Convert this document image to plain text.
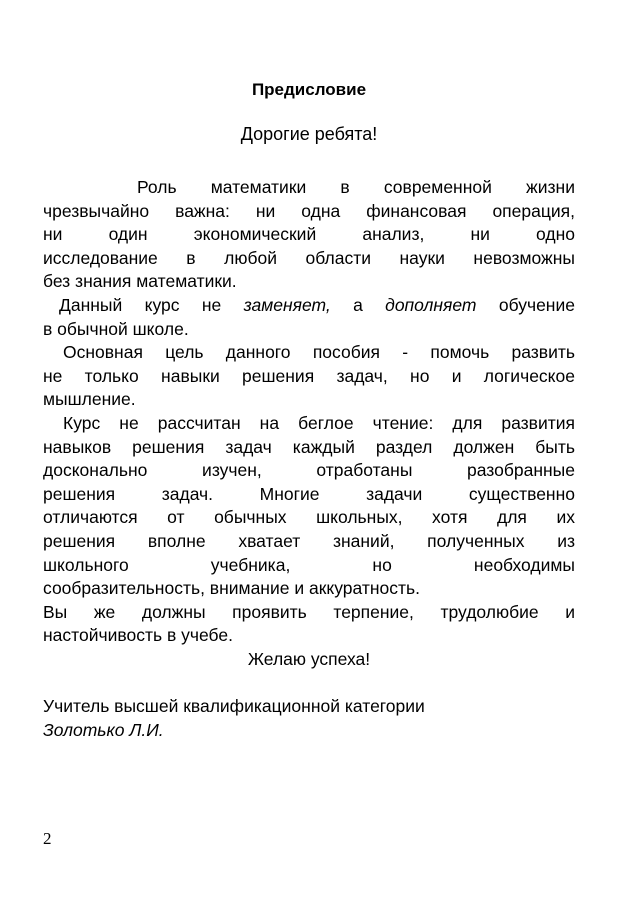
Предисловие
Дорогие ребята!

Роль математики в современной жизни

чрезвычайно важна: ни одна финансовая операция,

ни один экономический анализ, ни одно

исследование в любой области науки невозможны

без знания математики.

Данный курс не заменяет, а дополняет обучение

в обычной школе.

Основная цель данного пособия - помочь развить

не только навыки решения задач, но и логическое

мышление.

Курс не рассчитан на беглое чтение: для развития

навыков решения задач каждый раздел должен быть

досконально изучен, отработаны разобранные

решения задач. Многие задачи существенно

отличаются от обычных школьных, хотя для их

решения вполне хватает знаний, полученных из

школьного учебника, но необходимы

сообразительность, внимание и аккуратность.

Вы же должны проявить терпение, трудолюбие и

настойчивость в учебе.

Желаю успеха!

Учитель высшей квалификационной категории

Золотько Л.И.

2
